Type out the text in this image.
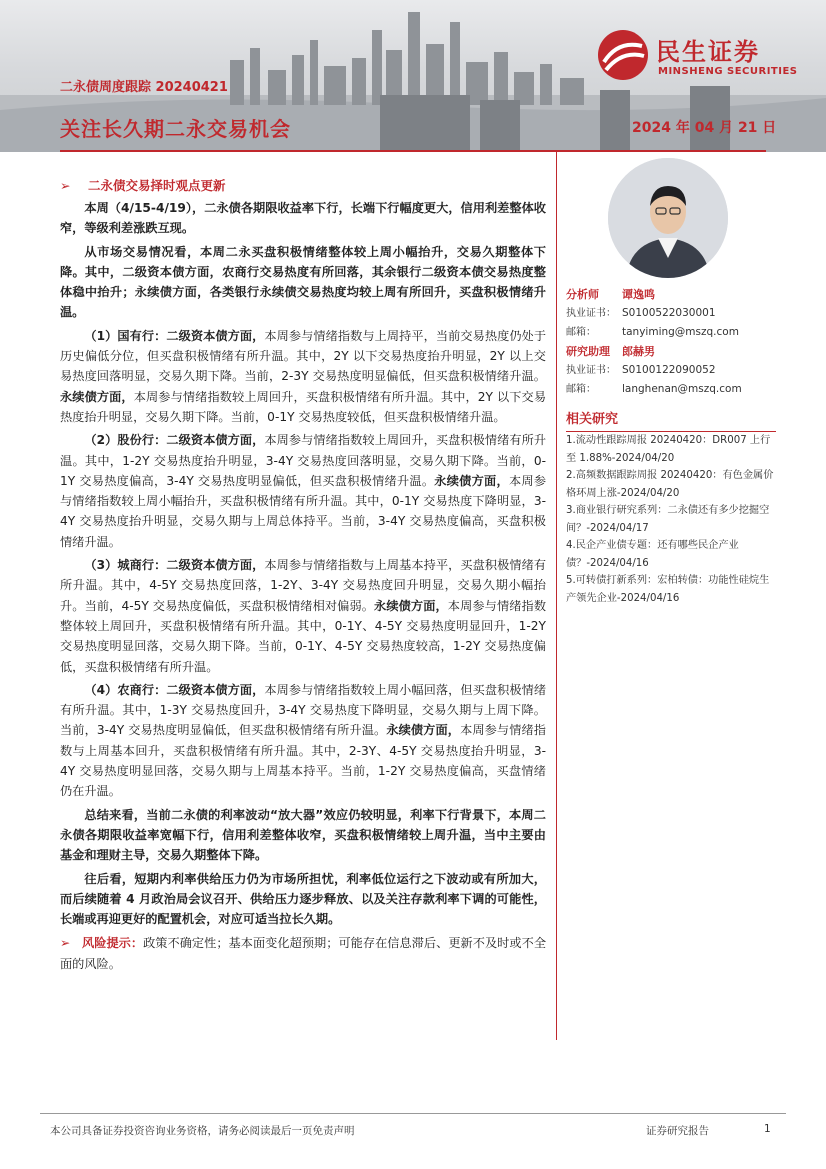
民生证券
MINSHENG SECURITIES
二永债周度跟踪 20240421
关注长久期二永交易机会	2024 年 04 月 21 日
➢ 二永债交易择时观点更新

本周（4/15-4/19），二永债各期限收益率下行，长端下行幅度更大，信用利差整体收窄，等级利差涨跌互现。

从市场交易情况看，本周二永买盘积极情绪整体较上周小幅抬升，交易久期整体下降。其中，二级资本债方面，农商行交易热度有所回落，其余银行二级资本债交易热度整体稳中抬升；永续债方面，各类银行永续债交易热度均较上周有所回升，买盘积极情绪升温。

（1）国有行：二级资本债方面，本周参与情绪指数与上周持平，当前交易热度仍处于历史偏低分位，但买盘积极情绪有所升温。其中，2Y 以下交易热度抬升明显，2Y 以上交易热度回落明显，交易久期下降。当前，2-3Y 交易热度明显偏低，但买盘积极情绪升温。永续债方面，本周参与情绪指数较上周回升，买盘积极情绪有所升温。其中，2Y 以下交易热度抬升明显，交易久期下降。当前，0-1Y 交易热度较低，但买盘积极情绪升温。

（2）股份行：二级资本债方面，本周参与情绪指数较上周回升，买盘积极情绪有所升温。其中，1-2Y 交易热度抬升明显，3-4Y 交易热度回落明显，交易久期下降。当前，0-1Y 交易热度偏高，3-4Y 交易热度明显偏低，但买盘积极情绪升温。永续债方面，本周参与情绪指数较上周小幅抬升，买盘积极情绪有所升温。其中，0-1Y 交易热度下降明显，3-4Y 交易热度抬升明显，交易久期与上周总体持平。当前，3-4Y 交易热度偏高，买盘积极情绪升温。

（3）城商行：二级资本债方面，本周参与情绪指数与上周基本持平，买盘积极情绪有所升温。其中，4-5Y 交易热度回落，1-2Y、3-4Y 交易热度回升明显，交易久期小幅抬升。当前，4-5Y 交易热度偏低，买盘积极情绪相对偏弱。永续债方面，本周参与情绪指数整体较上周回升，买盘积极情绪有所升温。其中，0-1Y、4-5Y 交易热度明显回升，1-2Y 交易热度明显回落，交易久期下降。当前，0-1Y、4-5Y 交易热度较高，1-2Y 交易热度偏低，买盘积极情绪有所升温。

（4）农商行：二级资本债方面，本周参与情绪指数较上周小幅回落，但买盘积极情绪有所升温。其中，1-3Y 交易热度回升，3-4Y 交易热度下降明显，交易久期与上周下降。当前，3-4Y 交易热度明显偏低，但买盘积极情绪有所升温。永续债方面，本周参与情绪指数与上周基本回升，买盘积极情绪有所升温。其中，2-3Y、4-5Y 交易热度抬升明显，3-4Y 交易热度明显回落，交易久期与上周基本持平。当前，1-2Y 交易热度偏高，买盘情绪仍在升温。

总结来看，当前二永债的利率波动“放大器”效应仍较明显，利率下行背景下，本周二永债各期限收益率宽幅下行，信用利差整体收窄，买盘积极情绪较上周升温，当中主要由基金和理财主导，交易久期整体下降。

往后看，短期内利率供给压力仍为市场所担忧，利率低位运行之下波动或有所加大，而后续随着 4 月政治局会议召开、供给压力逐步释放、以及关注存款利率下调的可能性，长端或再迎更好的配置机会，对应可适当拉长久期。

➢ 风险提示：政策不确定性；基本面变化超预期；可能存在信息滞后、更新不及时或不全面的风险。

分析师 谭逸鸣
执业证书： S0100522030001
邮箱： tanyiming@mszq.com
研究助理 郎赫男
执业证书： S0100122090052
邮箱： langhenan@mszq.com
相关研究
1.流动性跟踪周报 20240420：DR007 上行至 1.88%-2024/04/20
2.高频数据跟踪周报 20240420：有色金属价格环周上涨-2024/04/20
3.商业银行研究系列：二永债还有多少挖掘空间？-2024/04/17
4.民企产业债专题：还有哪些民企产业债？-2024/04/16
5.可转债打新系列：宏柏转债：功能性硅烷生产领先企业-2024/04/16
本公司具备证券投资咨询业务资格，请务必阅读最后一页免责声明	证券研究报告	1
